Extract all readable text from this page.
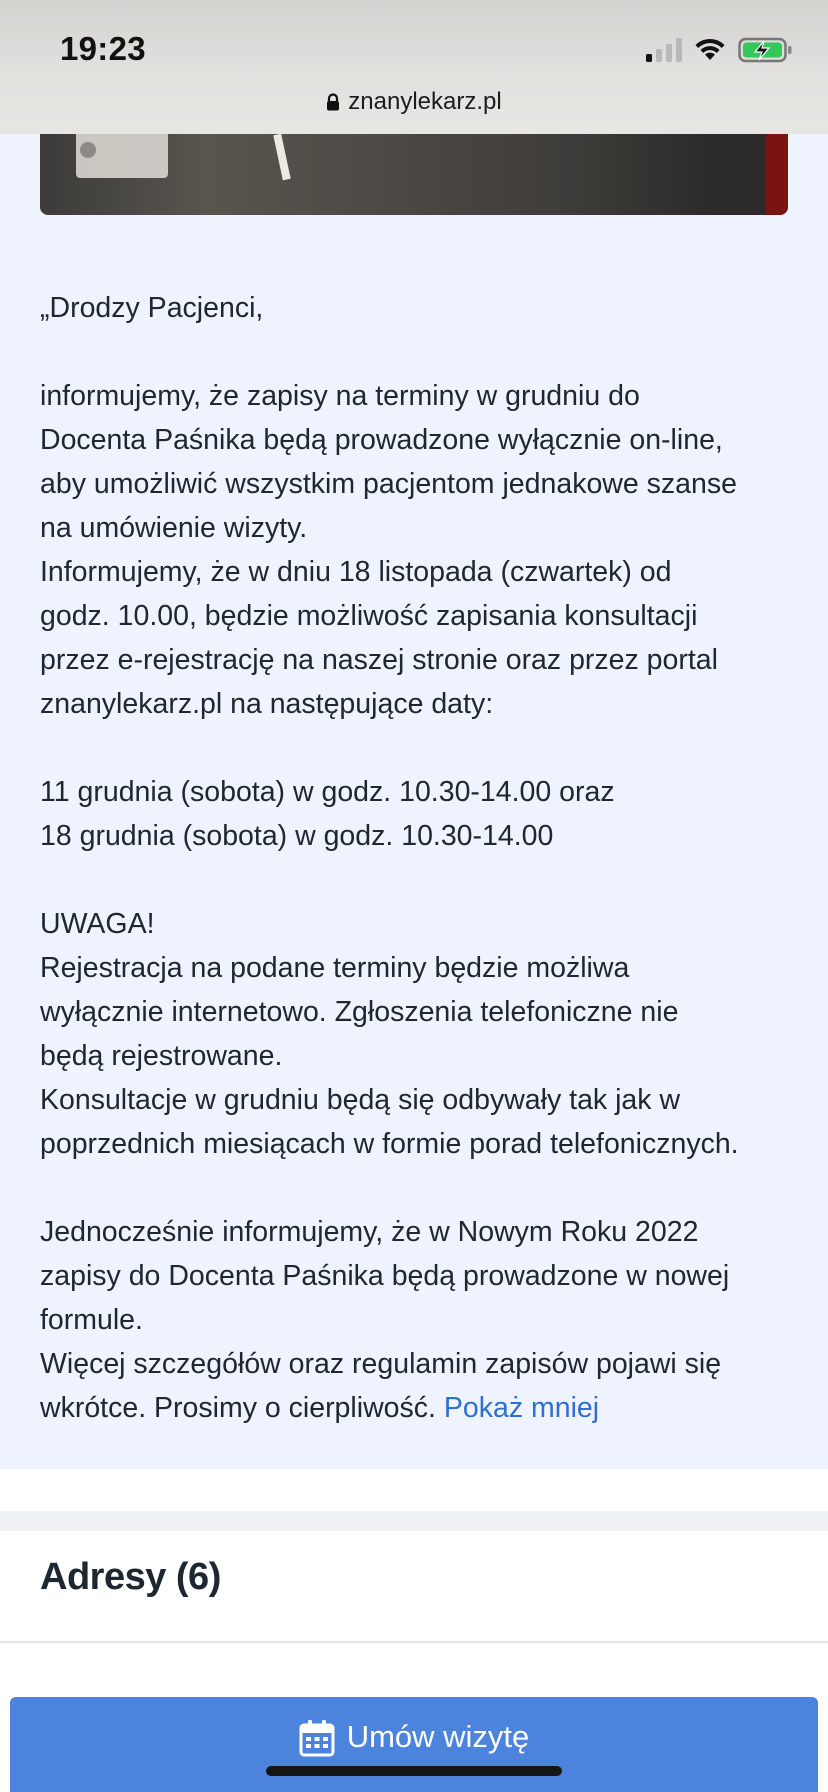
19:23
znanylekarz.pl

„Drodzy Pacjenci,

informujemy, że zapisy na terminy w grudniu do

Docenta Paśnika będą prowadzone wyłącznie on-line,

aby umożliwić wszystkim pacjentom jednakowe szanse

na umówienie wizyty.

Informujemy, że w dniu 18 listopada (czwartek) od

godz. 10.00, będzie możliwość zapisania konsultacji

przez e-rejestrację na naszej stronie oraz przez portal

znanylekarz.pl na następujące daty:

11 grudnia (sobota) w godz. 10.30-14.00 oraz

18 grudnia (sobota) w godz. 10.30-14.00

UWAGA!

Rejestracja na podane terminy będzie możliwa

wyłącznie internetowo. Zgłoszenia telefoniczne nie

będą rejestrowane.

Konsultacje w grudniu będą się odbywały tak jak w

poprzednich miesiącach w formie porad telefonicznych.

Jednocześnie informujemy, że w Nowym Roku 2022

zapisy do Docenta Paśnika będą prowadzone w nowej

formule.

Więcej szczegółów oraz regulamin zapisów pojawi się

wkrótce. Prosimy o cierpliwość. Pokaż mniej

Adresy (6)
Umów wizytę
